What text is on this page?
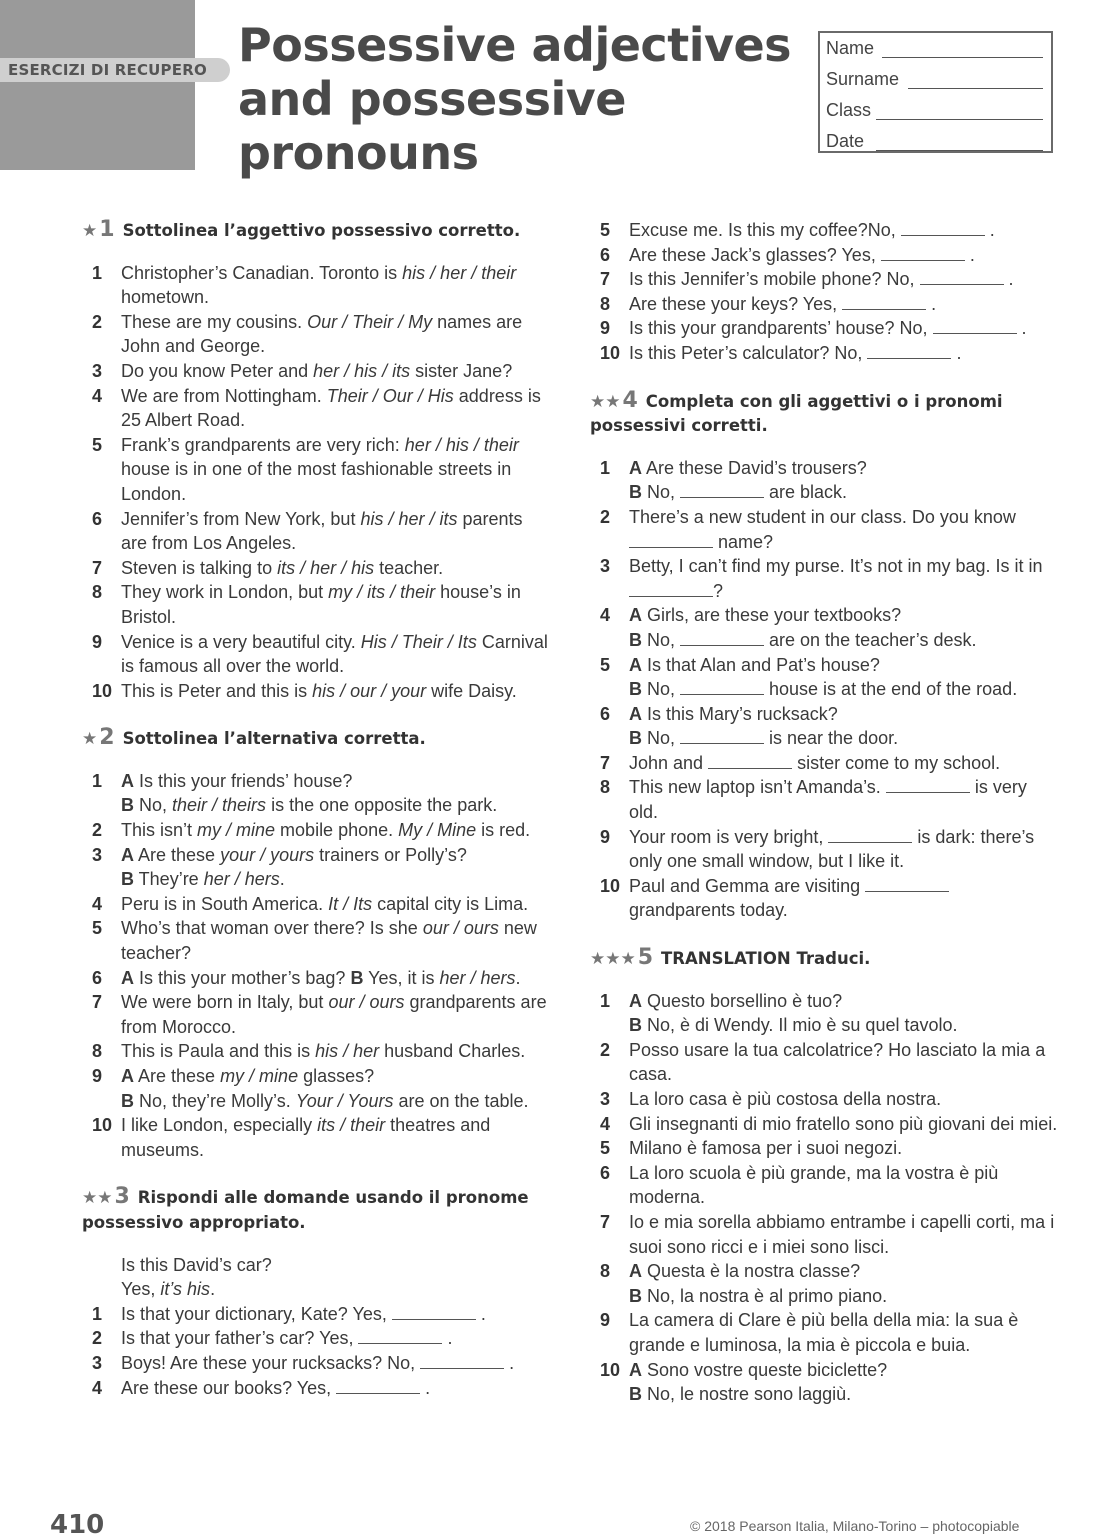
ESERCIZI DI RECUPERO Possessive adjectives
and possessive
pronouns
Name
Surname
Class
Date
★1 Sottolinea l’aggettivo possessivo corretto.
1 Christopher’s Canadian. Toronto is his / her / their hometown.
2 These are my cousins. Our / Their / My names are John and George.
3 Do you know Peter and her / his / its sister Jane?
4 We are from Nottingham. Their / Our / His address is 25 Albert Road.
5 Frank’s grandparents are very rich: her / his / their house is in one of the most fashionable streets in London.
6 Jennifer’s from New York, but his / her / its parents are from Los Angeles.
7 Steven is talking to its / her / his teacher.
8 They work in London, but my / its / their house’s in Bristol.
9 Venice is a very beautiful city. His / Their / Its Carnival is famous all over the world.
10 This is Peter and this is his / our / your wife Daisy.
★2 Sottolinea l’alternativa corretta.
1 A Is this your friends’ house?
B No, their / theirs is the one opposite the park.
2 This isn’t my / mine mobile phone. My / Mine is red.
3 A Are these your / yours trainers or Polly’s?
B They’re her / hers.
4 Peru is in South America. It / Its capital city is Lima.
5 Who’s that woman over there? Is she our / ours new teacher?
6 A Is this your mother’s bag? B Yes, it is her / hers.
7 We were born in Italy, but our / ours grandparents are from Morocco.
8 This is Paula and this is his / her husband Charles.
9 A Are these my / mine glasses?
B No, they’re Molly’s. Your / Yours are on the table.
10 I like London, especially its / their theatres and museums.
★★3 Rispondi alle domande usando il pronome possessivo appropriato.
Is this David’s car?
Yes, it’s his.
1 Is that your dictionary, Kate? Yes,	.
2 Is that your father’s car? Yes,	.
3 Boys! Are these your rucksacks? No,	.
4 Are these our books? Yes,	.
5 Excuse me. Is this my coffee?No,	.
6 Are these Jack’s glasses? Yes,	.
7 Is this Jennifer’s mobile phone? No,	.
8 Are these your keys? Yes,	.
9 Is this your grandparents’ house? No,	.
10 Is this Peter’s calculator? No,	.
★★4 Completa con gli aggettivi o i pronomi possessivi corretti.
1 A Are these David’s trousers?
B No,	are black.
2 There’s a new student in our class. Do you know  name?
3 Betty, I can’t find my purse. It’s not in my bag. Is it in ?
4 A Girls, are these your textbooks?
B No,	are on the teacher’s desk.
5 A Is that Alan and Pat’s house?
B No,	house is at the end of the road.
6 A Is this Mary’s rucksack?
B No,	is near the door.
7 John and	sister come to my school.
8 This new laptop isn’t Amanda’s.	is very old.
9 Your room is very bright,	is dark: there’s only one small window, but I like it.
10 Paul and Gemma are visiting  grandparents today.
★★★5 TRANSLATION Traduci.
1 A Questo borsellino è tuo?
B No, è di Wendy. Il mio è su quel tavolo.
2 Posso usare la tua calcolatrice? Ho lasciato la mia a casa.
3 La loro casa è più costosa della nostra.
4 Gli insegnanti di mio fratello sono più giovani dei miei.
5 Milano è famosa per i suoi negozi.
6 La loro scuola è più grande, ma la vostra è più moderna.
7 Io e mia sorella abbiamo entrambe i capelli corti, ma i suoi sono ricci e i miei sono lisci.
8 A Questa è la nostra classe?
B No, la nostra è al primo piano.
9 La camera di Clare è più bella della mia: la sua è grande e luminosa, la mia è piccola e buia.
10 A Sono vostre queste biciclette?
B No, le nostre sono laggiù.
410	© 2018 Pearson Italia, Milano-Torino – photocopiable
